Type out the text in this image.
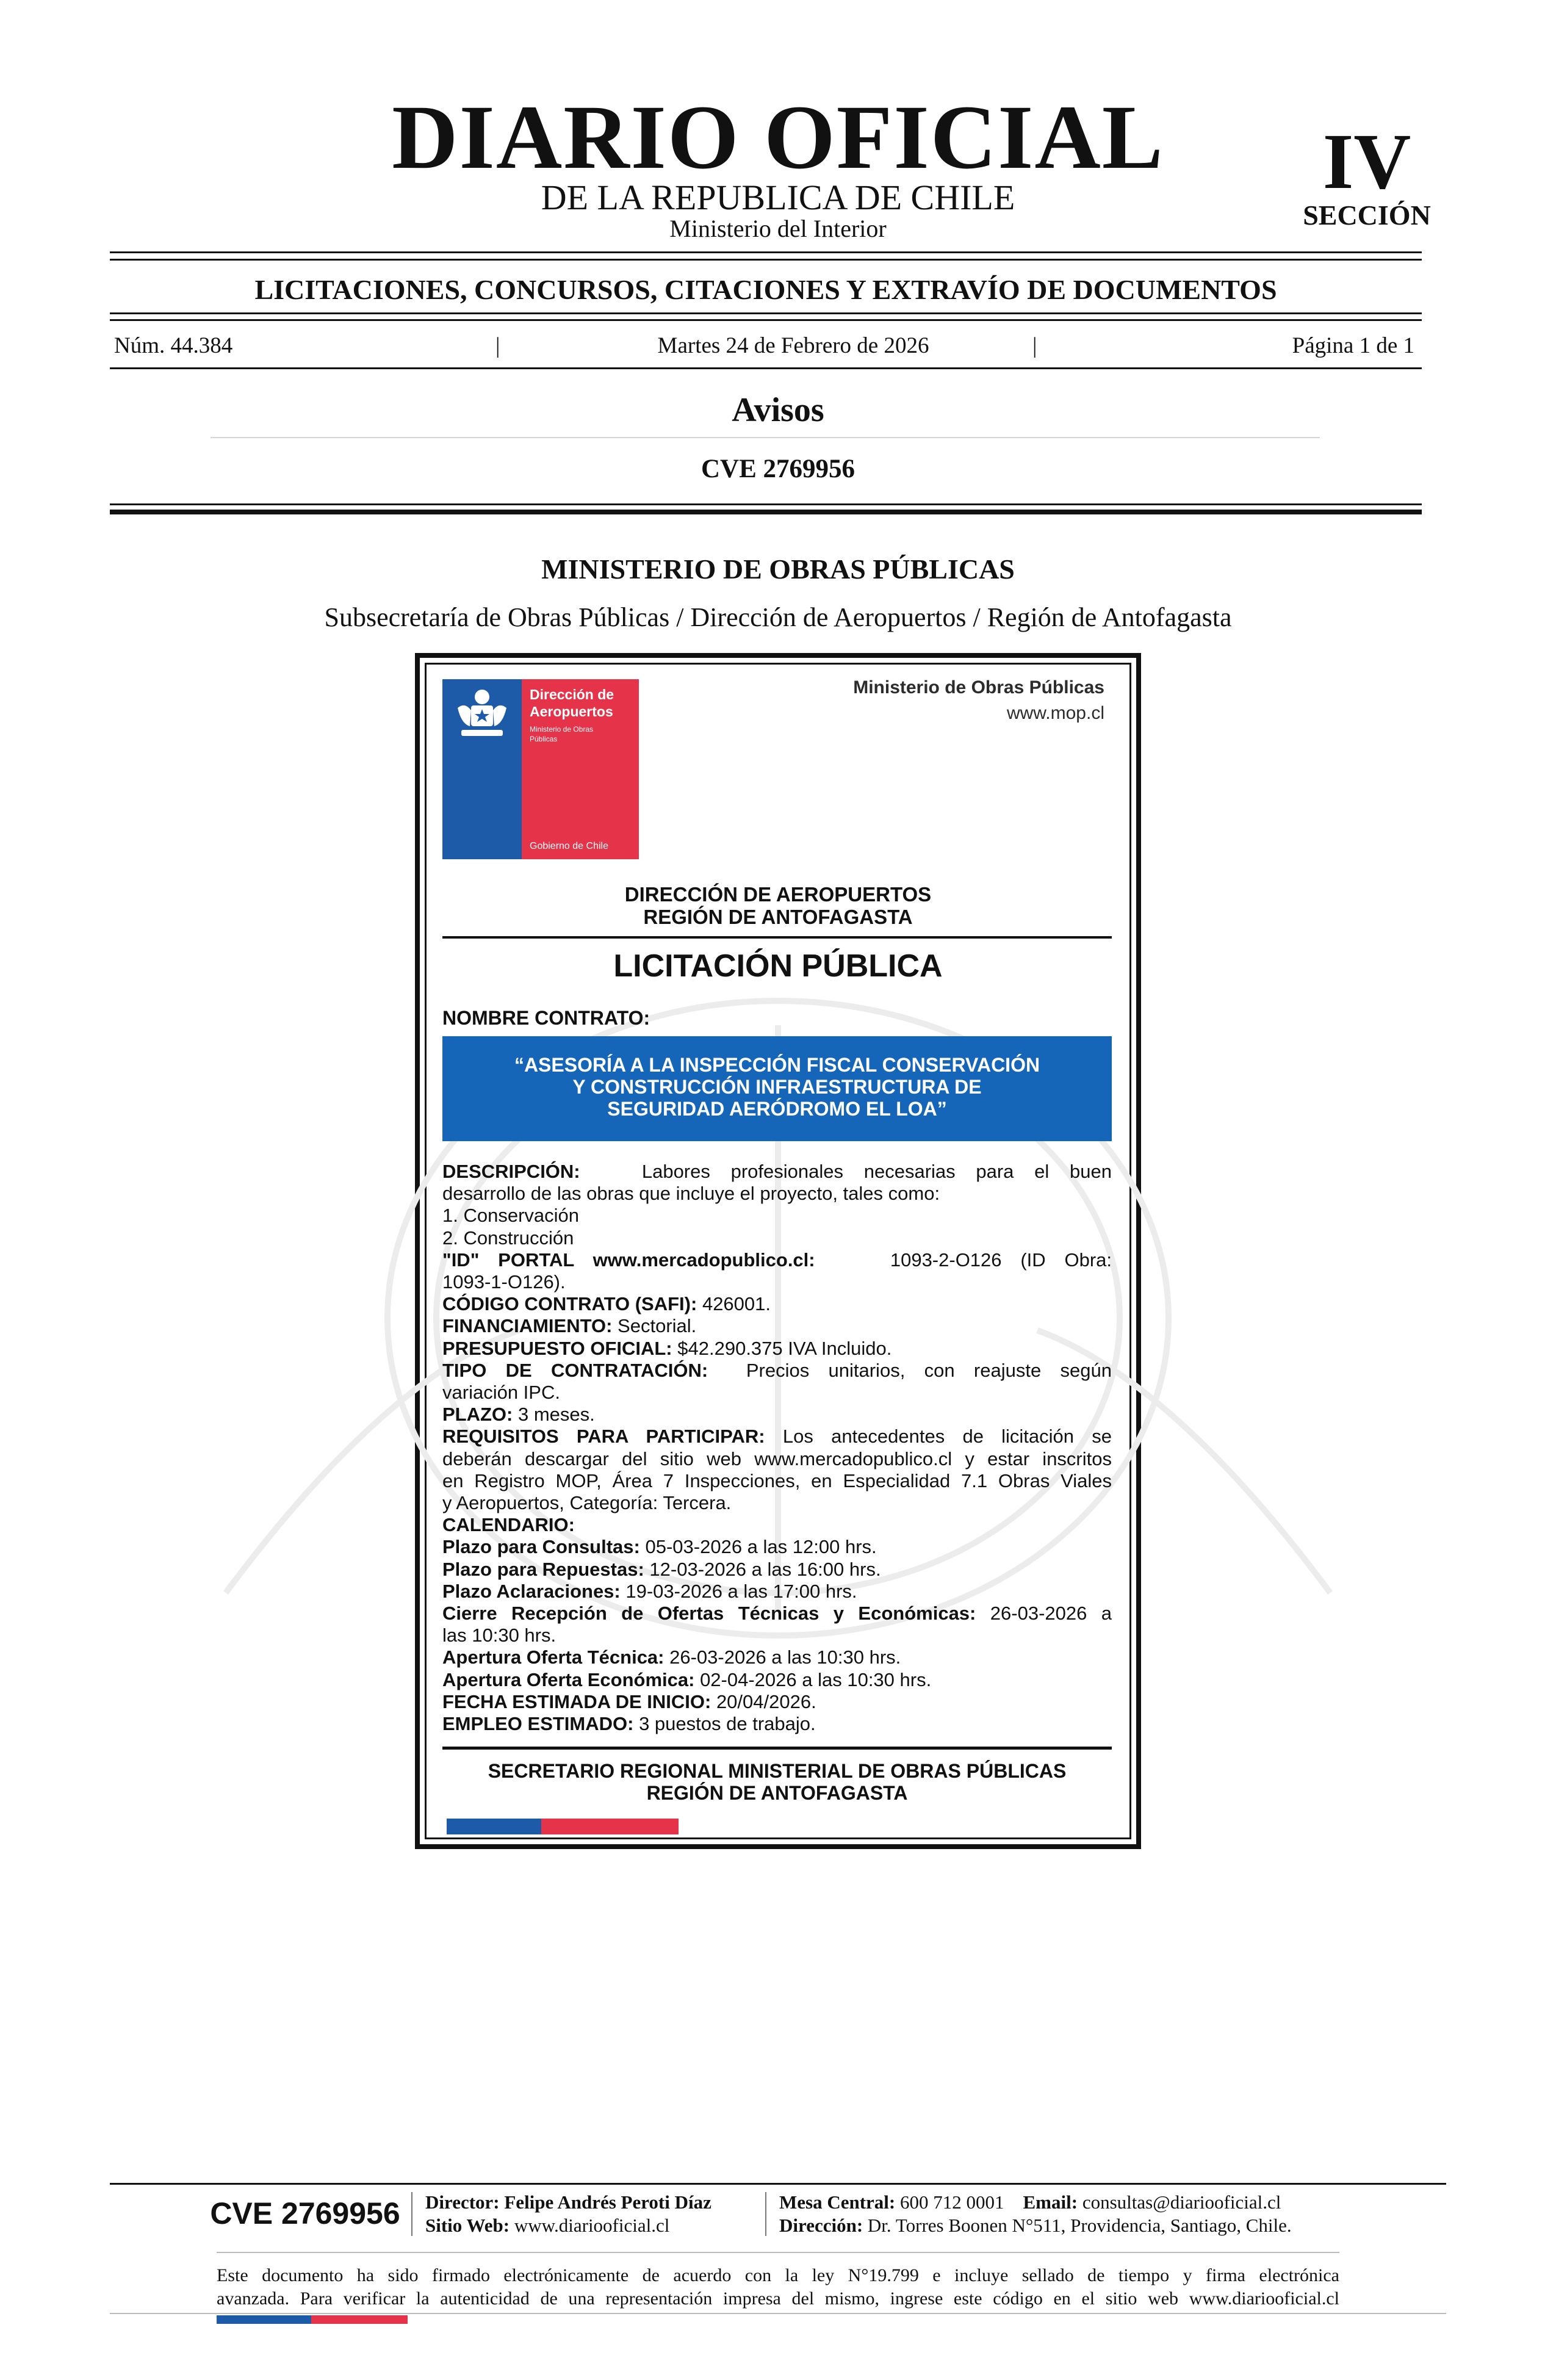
DIARIO OFICIAL
DE LA REPUBLICA DE CHILE
Ministerio del Interior
IV
SECCIÓN
LICITACIONES, CONCURSOS, CITACIONES Y EXTRAVÍO DE DOCUMENTOS
Núm. 44.384	|	Martes 24 de Febrero de 2026	|	Página 1 de 1
Avisos
CVE 2769956
MINISTERIO DE OBRAS PÚBLICAS
Subsecretaría de Obras Públicas / Dirección de Aeropuertos / Región de Antofagasta
Dirección de
Aeropuertos
Ministerio de Obras
Públicas
Gobierno de Chile
Ministerio de Obras Públicas
www.mop.cl
DIRECCIÓN DE AEROPUERTOS
REGIÓN DE ANTOFAGASTA
LICITACIÓN PÚBLICA
NOMBRE CONTRATO:
“ASESORÍA A LA INSPECCIÓN FISCAL CONSERVACIÓN
Y CONSTRUCCIÓN INFRAESTRUCTURA DE
SEGURIDAD AERÓDROMO EL LOA”

DESCRIPCIÓN:	Labores profesionales necesarias para el buen

desarrollo de las obras que incluye el proyecto, tales como:

1. Conservación

2. Construcción

"ID" PORTAL www.mercadopublico.cl:	1093-2-O126 (ID Obra:

1093-1-O126).

CÓDIGO CONTRATO (SAFI): 426001.

FINANCIAMIENTO: Sectorial.

PRESUPUESTO OFICIAL: $42.290.375 IVA Incluido.

TIPO DE CONTRATACIÓN: Precios unitarios, con reajuste según

variación IPC.

PLAZO: 3 meses.

REQUISITOS PARA PARTICIPAR: Los antecedentes de licitación se

deberán descargar del sitio web www.mercadopublico.cl y estar inscritos

en Registro MOP, Área 7 Inspecciones, en Especialidad 7.1 Obras Viales

y Aeropuertos, Categoría: Tercera.

CALENDARIO:

Plazo para Consultas: 05-03-2026 a las 12:00 hrs.

Plazo para Repuestas: 12-03-2026 a las 16:00 hrs.

Plazo Aclaraciones: 19-03-2026 a las 17:00 hrs.

Cierre Recepción de Ofertas Técnicas y Económicas: 26-03-2026 a

las 10:30 hrs.

Apertura Oferta Técnica: 26-03-2026 a las 10:30 hrs.

Apertura Oferta Económica: 02-04-2026 a las 10:30 hrs.

FECHA ESTIMADA DE INICIO: 20/04/2026.

EMPLEO ESTIMADO: 3 puestos de trabajo.

SECRETARIO REGIONAL MINISTERIAL DE OBRAS PÚBLICAS
REGIÓN DE ANTOFAGASTA
CVE 2769956 Director: Felipe Andrés Peroti Díaz
Sitio Web: www.diariooficial.cl
Mesa Central: 600 712 0001 Email: consultas@diariooficial.cl
Dirección: Dr. Torres Boonen N°511, Providencia, Santiago, Chile.
Este documento ha sido firmado electrónicamente de acuerdo con la ley N°19.799 e incluye sellado de tiempo y firma electrónica
avanzada. Para verificar la autenticidad de una representación impresa del mismo, ingrese este código en el sitio web www.diariooficial.cl
